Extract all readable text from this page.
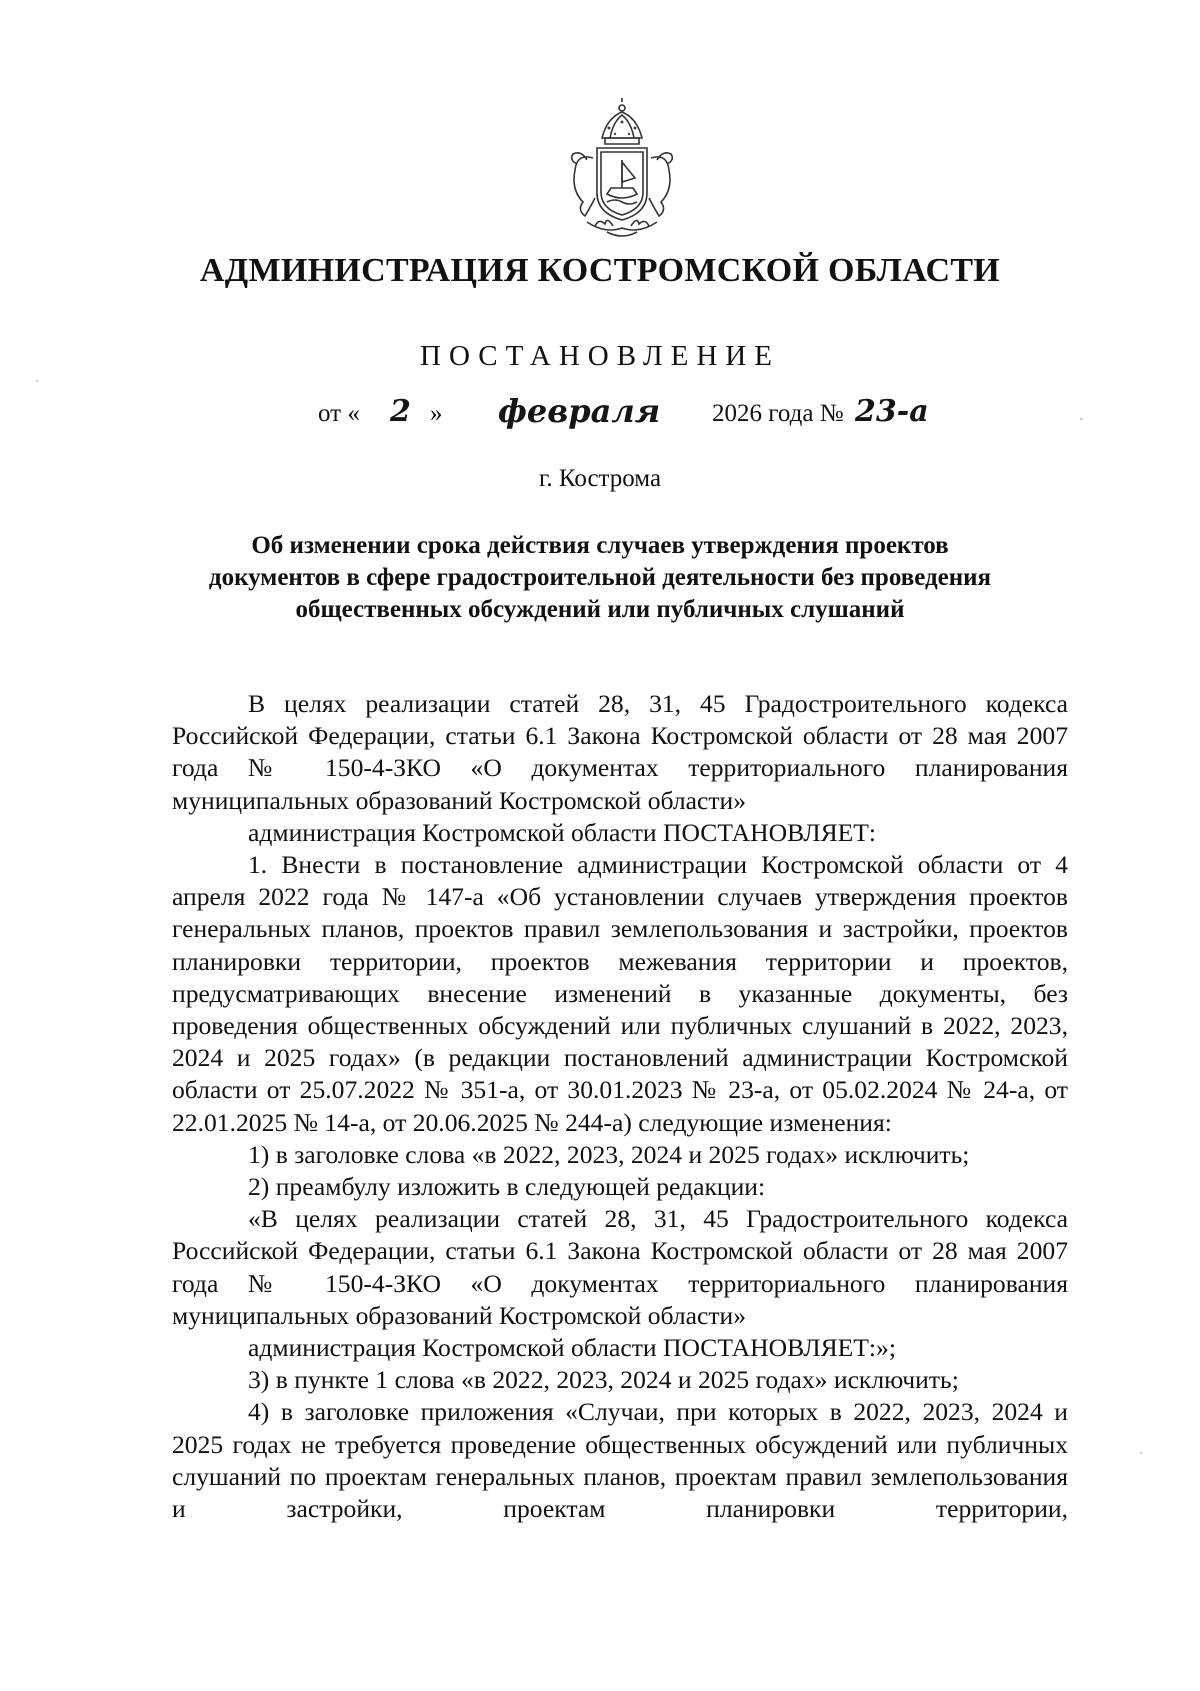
АДМИНИСТРАЦИЯ КОСТРОМСКОЙ ОБЛАСТИ
ПОСТАНОВЛЕНИЕ
от « 2 » февраля 2026 года № 23-а
г. Кострома
Об изменении срока действия случаев утверждения проектов
документов в сфере градостроительной деятельности без проведения
общественных обсуждений или публичных слушаний

В целях реализации статей 28, 31, 45 Градостроительного кодекса Российской Федерации, статьи 6.1 Закона Костромской области от 28 мая 2007 года № 150-4-ЗКО «О документах территориального планирования муниципальных образований Костромской области»

администрация Костромской области ПОСТАНОВЛЯЕТ:

1. Внести в постановление администрации Костромской области от 4 апреля 2022 года № 147-а «Об установлении случаев утверждения проектов генеральных планов, проектов правил землепользования и застройки, проектов планировки территории, проектов межевания территории и проектов, предусматривающих внесение изменений в указанные документы, без проведения общественных обсуждений или публичных слушаний в 2022, 2023, 2024 и 2025 годах» (в редакции постановлений администрации Костромской области от 25.07.2022 № 351-а, от 30.01.2023 № 23-а, от 05.02.2024 № 24-а, от 22.01.2025 № 14-а, от 20.06.2025 № 244-а) следующие изменения:

1) в заголовке слова «в 2022, 2023, 2024 и 2025 годах» исключить;

2) преамбулу изложить в следующей редакции:

«В целях реализации статей 28, 31, 45 Градостроительного кодекса Российской Федерации, статьи 6.1 Закона Костромской области от 28 мая 2007 года № 150-4-ЗКО «О документах территориального планирования муниципальных образований Костромской области»

администрация Костромской области ПОСТАНОВЛЯЕТ:»;

3) в пункте 1 слова «в 2022, 2023, 2024 и 2025 годах» исключить;

4) в заголовке приложения «Случаи, при которых в 2022, 2023, 2024 и 2025 годах не требуется проведение общественных обсуждений или публичных слушаний по проектам генеральных планов, проектам правил землепользования и застройки, проектам планировки территории,
